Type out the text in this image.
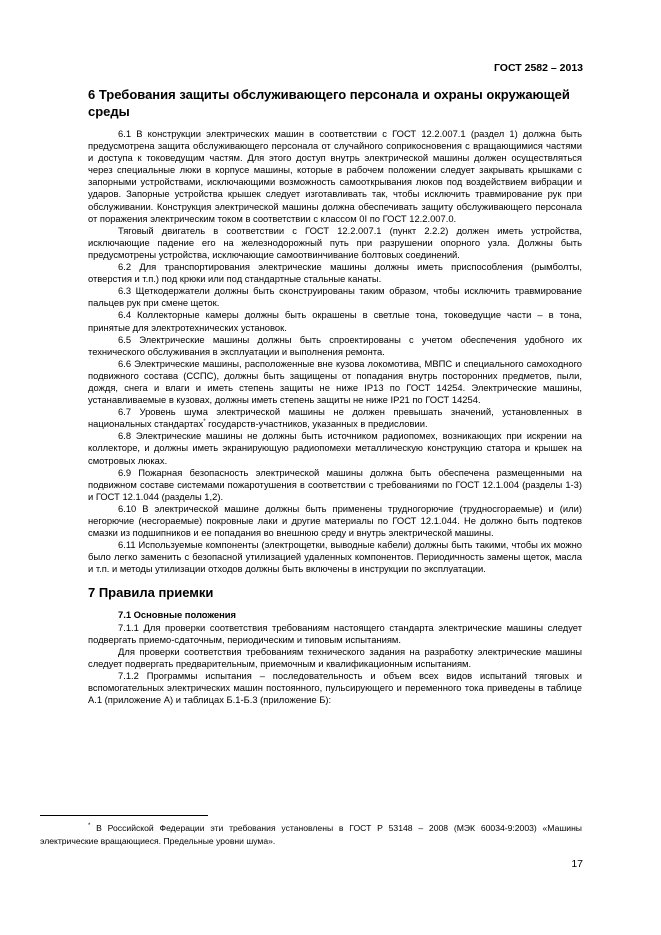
ГОСТ 2582 – 2013
6 Требования защиты обслуживающего персонала и охраны окружающей среды

6.1 В конструкции электрических машин в соответствии с ГОСТ 12.2.007.1 (раздел 1) должна быть предусмотрена защита обслуживающего персонала от случайного соприкосновения с вращающимися частями и доступа к токоведущим частям. Для этого доступ внутрь электрической машины должен осуществляться через специальные люки в корпусе машины, которые в рабочем положении следует закрывать крышками с запорными устройствами, исключающими возможность самооткрывания люков под воздействием вибрации и ударов. Запорные устройства крышек следует изготавливать так, чтобы исключить травмирование рук при обслуживании. Конструкция электрической машины должна обеспечивать защиту обслуживающего персонала от поражения электрическим током в соответствии с классом 0I по ГОСТ 12.2.007.0.

Тяговый двигатель в соответствии с ГОСТ 12.2.007.1 (пункт 2.2.2) должен иметь устройства, исключающие падение его на железнодорожный путь при разрушении опорного узла. Должны быть предусмотрены устройства, исключающие самоотвинчивание болтовых соединений.

6.2 Для транспортирования электрические машины должны иметь приспособления (рымболты, отверстия и т.п.) под крюки или под стандартные стальные канаты.

6.3 Щеткодержатели должны быть сконструированы таким образом, чтобы исключить травмирование пальцев рук при смене щеток.

6.4 Коллекторные камеры должны быть окрашены в светлые тона, токоведущие части – в тона, принятые для электротехнических установок.

6.5 Электрические машины должны быть спроектированы с учетом обеспечения удобного их технического обслуживания в эксплуатации и выполнения ремонта.

6.6 Электрические машины, расположенные вне кузова локомотива, МВПС и специального самоходного подвижного состава (ССПС), должны быть защищены от попадания внутрь посторонних предметов, пыли, дождя, снега и влаги и иметь степень защиты не ниже IP13 по ГОСТ 14254. Электрические машины, устанавливаемые в кузовах, должны иметь степень защиты не ниже IP21 по ГОСТ 14254.

6.7 Уровень шума электрической машины не должен превышать значений, установленных в национальных стандартах* государств-участников, указанных в предисловии.

6.8 Электрические машины не должны быть источником радиопомех, возникающих при искрении на коллекторе, и должны иметь экранирующую радиопомехи металлическую конструкцию статора и крышек на смотровых люках.

6.9 Пожарная безопасность электрической машины должна быть обеспечена размещенными на подвижном составе системами пожаротушения в соответствии с требованиями по ГОСТ 12.1.004 (разделы 1-3) и ГОСТ 12.1.044 (разделы 1,2).

6.10 В электрической машине должны быть применены трудногорючие (трудносгораемые) и (или) негорючие (несгораемые) покровные лаки и другие материалы по ГОСТ 12.1.044. Не должно быть подтеков смазки из подшипников и ее попадания во внешнюю среду и внутрь электрической машины.

6.11 Используемые компоненты (электрощетки, выводные кабели) должны быть такими, чтобы их можно было легко заменить с безопасной утилизацией удаленных компонентов. Периодичность замены щеток, масла и т.п. и методы утилизации отходов должны быть включены в инструкции по эксплуатации.

7 Правила приемки
7.1 Основные положения

7.1.1 Для проверки соответствия требованиям настоящего стандарта электрические машины следует подвергать приемо-сдаточным, периодическим и типовым испытаниям.

Для проверки соответствия требованиям технического задания на разработку электрические машины следует подвергать предварительным, приемочным и квалификационным испытаниям.

7.1.2 Программы испытания – последовательность и объем всех видов испытаний тяговых и вспомогательных электрических машин постоянного, пульсирующего и переменного тока приведены в таблице А.1 (приложение А) и таблицах Б.1-Б.3 (приложение Б):

* В Российской Федерации эти требования установлены в ГОСТ Р 53148 – 2008 (МЭК 60034-9:2003) «Машины электрические вращающиеся. Предельные уровни шума».
17
